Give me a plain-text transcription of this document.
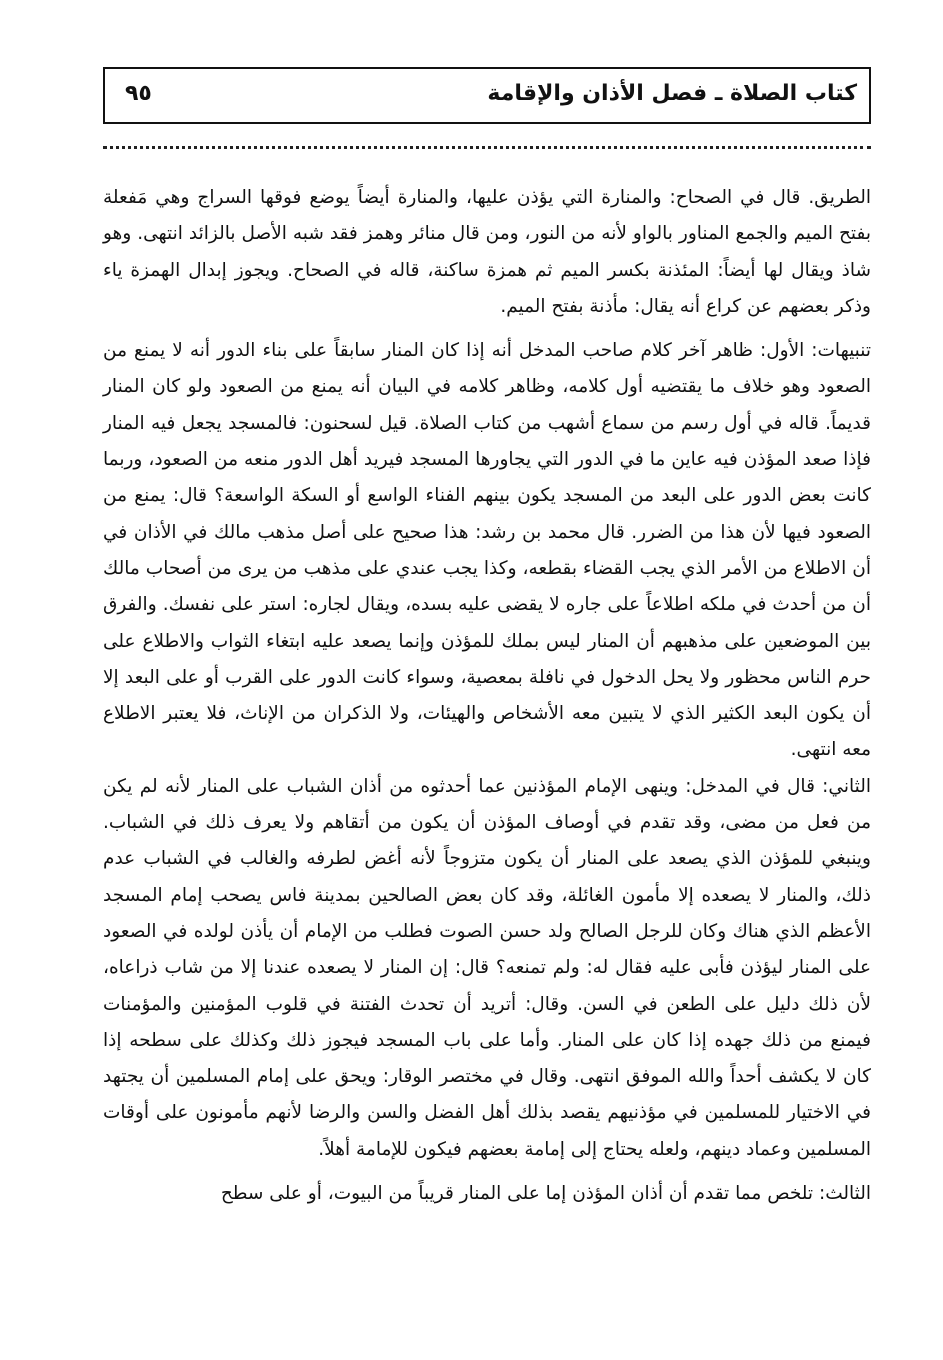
كتاب الصلاة ـ فصل الأذان والإقامة
٩٥

الطريق. قال في الصحاح: والمنارة التي يؤذن عليها، والمنارة أيضاً يوضع فوقها السراج وهي مَفعلة بفتح الميم والجمع المناور بالواو لأنه من النور، ومن قال منائر وهمز فقد شبه الأصل بالزائد انتهى. وهو شاذ ويقال لها أيضاً: المئذنة بكسر الميم ثم همزة ساكنة، قاله في الصحاح. ويجوز إبدال الهمزة ياء وذكر بعضهم عن كراع أنه يقال: مأذنة بفتح الميم.

تنبيهات: الأول: ظاهر آخر كلام صاحب المدخل أنه إذا كان المنار سابقاً على بناء الدور أنه لا يمنع من الصعود وهو خلاف ما يقتضيه أول كلامه، وظاهر كلامه في البيان أنه يمنع من الصعود ولو كان المنار قديماً. قاله في أول رسم من سماع أشهب من كتاب الصلاة. قيل لسحنون: فالمسجد يجعل فيه المنار فإذا صعد المؤذن فيه عاين ما في الدور التي يجاورها المسجد فيريد أهل الدور منعه من الصعود، وربما كانت بعض الدور على البعد من المسجد يكون بينهم الفناء الواسع أو السكة الواسعة؟ قال: يمنع من الصعود فيها لأن هذا من الضرر. قال محمد بن رشد: هذا صحيح على أصل مذهب مالك في الأذان في أن الاطلاع من الأمر الذي يجب القضاء بقطعه، وكذا يجب عندي على مذهب من يرى من أصحاب مالك أن من أحدث في ملكه اطلاعاً على جاره لا يقضى عليه بسده، ويقال لجاره: استر على نفسك. والفرق بين الموضعين على مذهبهم أن المنار ليس بملك للمؤذن وإنما يصعد عليه ابتغاء الثواب والاطلاع على حرم الناس محظور ولا يحل الدخول في نافلة بمعصية، وسواء كانت الدور على القرب أو على البعد إلا أن يكون البعد الكثير الذي لا يتبين معه الأشخاص والهيئات، ولا الذكران من الإناث، فلا يعتبر الاطلاع معه انتهى.

الثاني: قال في المدخل: وينهى الإمام المؤذنين عما أحدثوه من أذان الشباب على المنار لأنه لم يكن من فعل من مضى، وقد تقدم في أوصاف المؤذن أن يكون من أتقاهم ولا يعرف ذلك في الشباب. وينبغي للمؤذن الذي يصعد على المنار أن يكون متزوجاً لأنه أغض لطرفه والغالب في الشباب عدم ذلك، والمنار لا يصعده إلا مأمون الغائلة، وقد كان بعض الصالحين بمدينة فاس يصحب إمام المسجد الأعظم الذي هناك وكان للرجل الصالح ولد حسن الصوت فطلب من الإمام أن يأذن لولده في الصعود على المنار ليؤذن فأبى عليه فقال له: ولم تمنعه؟ قال: إن المنار لا يصعده عندنا إلا من شاب ذراعاه، لأن ذلك دليل على الطعن في السن. وقال: أتريد أن تحدث الفتنة في قلوب المؤمنين والمؤمنات فيمنع من ذلك جهده إذا كان على المنار. وأما على باب المسجد فيجوز ذلك وكذلك على سطحه إذا كان لا يكشف أحداً والله الموفق انتهى. وقال في مختصر الوقار: ويحق على إمام المسلمين أن يجتهد في الاختيار للمسلمين في مؤذنيهم يقصد بذلك أهل الفضل والسن والرضا لأنهم مأمونون على أوقات المسلمين وعماد دينهم، ولعله يحتاج إلى إمامة بعضهم فيكون للإمامة أهلاً.

الثالث: تلخص مما تقدم أن أذان المؤذن إما على المنار قريباً من البيوت، أو على سطح
